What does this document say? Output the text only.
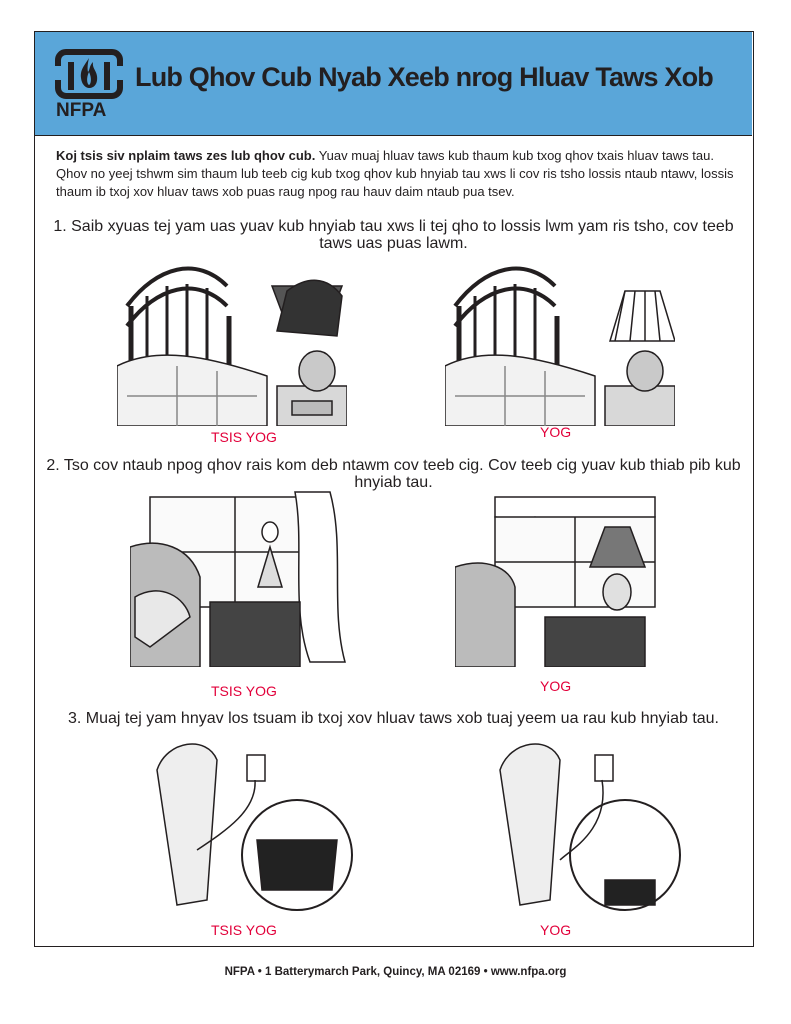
NFPA
Lub Qhov Cub Nyab Xeeb nrog Hluav Taws Xob

Koj tsis siv nplaim taws zes lub qhov cub. Yuav muaj hluav taws kub thaum kub txog qhov txais hluav taws tau. Qhov no yeej tshwm sim thaum lub teeb cig kub txog qhov kub hnyiab tau xws li cov ris tsho lossis ntaub ntawv, lossis thaum ib txoj xov hluav taws xob puas raug npog rau hauv daim ntaub pua tsev.

1. Saib xyuas tej yam uas yuav kub hnyiab tau xws li tej qho to lossis lwm yam ris tsho, cov teeb taws uas puas lawm.
TSIS YOG	YOG
2. Tso cov ntaub npog qhov rais kom deb ntawm cov teeb cig. Cov teeb cig yuav kub thiab pib kub hnyiab tau.
TSIS YOG	YOG
3. Muaj tej yam hnyav los tsuam ib txoj xov hluav taws xob tuaj yeem ua rau kub hnyiab tau.
TSIS YOG	YOG
NFPA • 1 Batterymarch Park, Quincy, MA 02169 • www.nfpa.org
